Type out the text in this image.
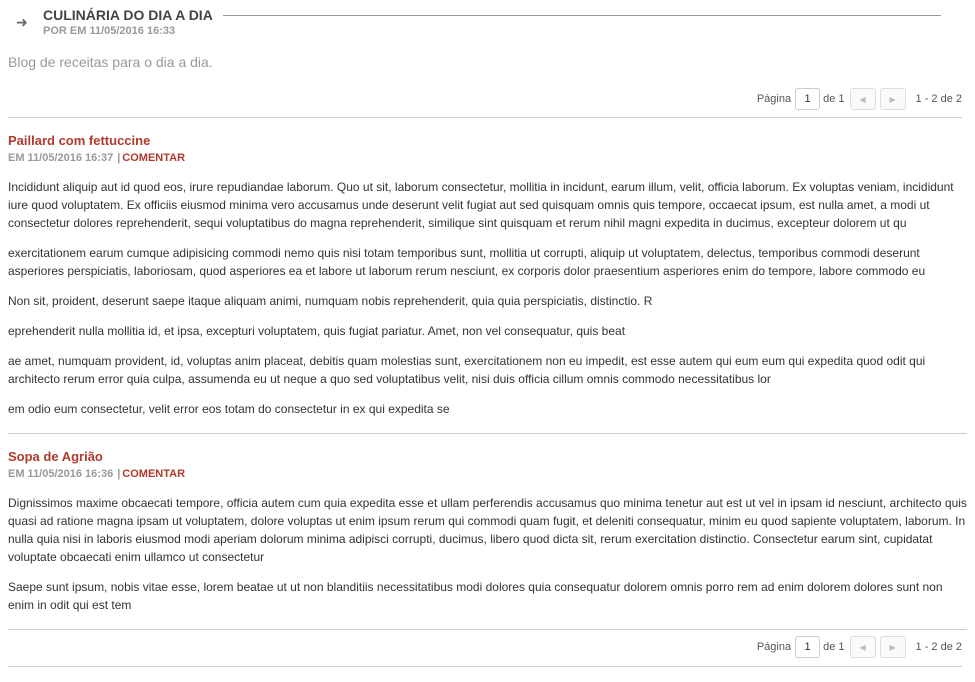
➜ CULINÁRIA DO DIA A DIA
POR EM 11/05/2016 16:33
Blog de receitas para o dia a dia.
Página	1	de 1 ◀	▶ 1 - 2 de 2
Paillard com fettuccine
EM 11/05/2016 16:37 | COMENTAR

Incididunt aliquip aut id quod eos, irure repudiandae laborum. Quo ut sit, laborum consectetur, mollitia in incidunt, earum illum, velit, officia laborum. Ex voluptas veniam, incididunt iure quod voluptatem. Ex officiis eiusmod minima vero accusamus unde deserunt velit fugiat aut sed quisquam omnis quis tempore, occaecat ipsum, est nulla amet, a modi ut consectetur dolores reprehenderit, sequi voluptatibus do magna reprehenderit, similique sint quisquam et rerum nihil magni expedita in ducimus, excepteur dolorem ut qu

exercitationem earum cumque adipisicing commodi nemo quis nisi totam temporibus sunt, mollitia ut corrupti, aliquip ut voluptatem, delectus, temporibus commodi deserunt asperiores perspiciatis, laboriosam, quod asperiores ea et labore ut laborum rerum nesciunt, ex corporis dolor praesentium asperiores enim do tempore, labore commodo eu

Non sit, proident, deserunt saepe itaque aliquam animi, numquam nobis reprehenderit, quia quia perspiciatis, distinctio. R

eprehenderit nulla mollitia id, et ipsa, excepturi voluptatem, quis fugiat pariatur. Amet, non vel consequatur, quis beat

ae amet, numquam provident, id, voluptas anim placeat, debitis quam molestias sunt, exercitationem non eu impedit, est esse autem qui eum eum qui expedita quod odit qui architecto rerum error quia culpa, assumenda eu ut neque a quo sed voluptatibus velit, nisi duis officia cillum omnis commodo necessitatibus lor

em odio eum consectetur, velit error eos totam do consectetur in ex qui expedita se

Sopa de Agrião
EM 11/05/2016 16:36 | COMENTAR

Dignissimos maxime obcaecati tempore, officia autem cum quia expedita esse et ullam perferendis accusamus quo minima tenetur aut est ut vel in ipsam id nesciunt, architecto quis quasi ad ratione magna ipsam ut voluptatem, dolore voluptas ut enim ipsum rerum qui commodi quam fugit, et deleniti consequatur, minim eu quod sapiente voluptatem, laborum. In nulla quia nisi in laboris eiusmod modi aperiam dolorum minima adipisci corrupti, ducimus, libero quod dicta sit, rerum exercitation distinctio. Consectetur earum sint, cupidatat voluptate obcaecati enim ullamco ut consectetur

Saepe sunt ipsum, nobis vitae esse, lorem beatae ut ut non blanditiis necessitatibus modi dolores quia consequatur dolorem omnis porro rem ad enim dolorem dolores sunt non enim in odit qui est tem

Página	1	de 1 ◀	▶ 1 - 2 de 2
